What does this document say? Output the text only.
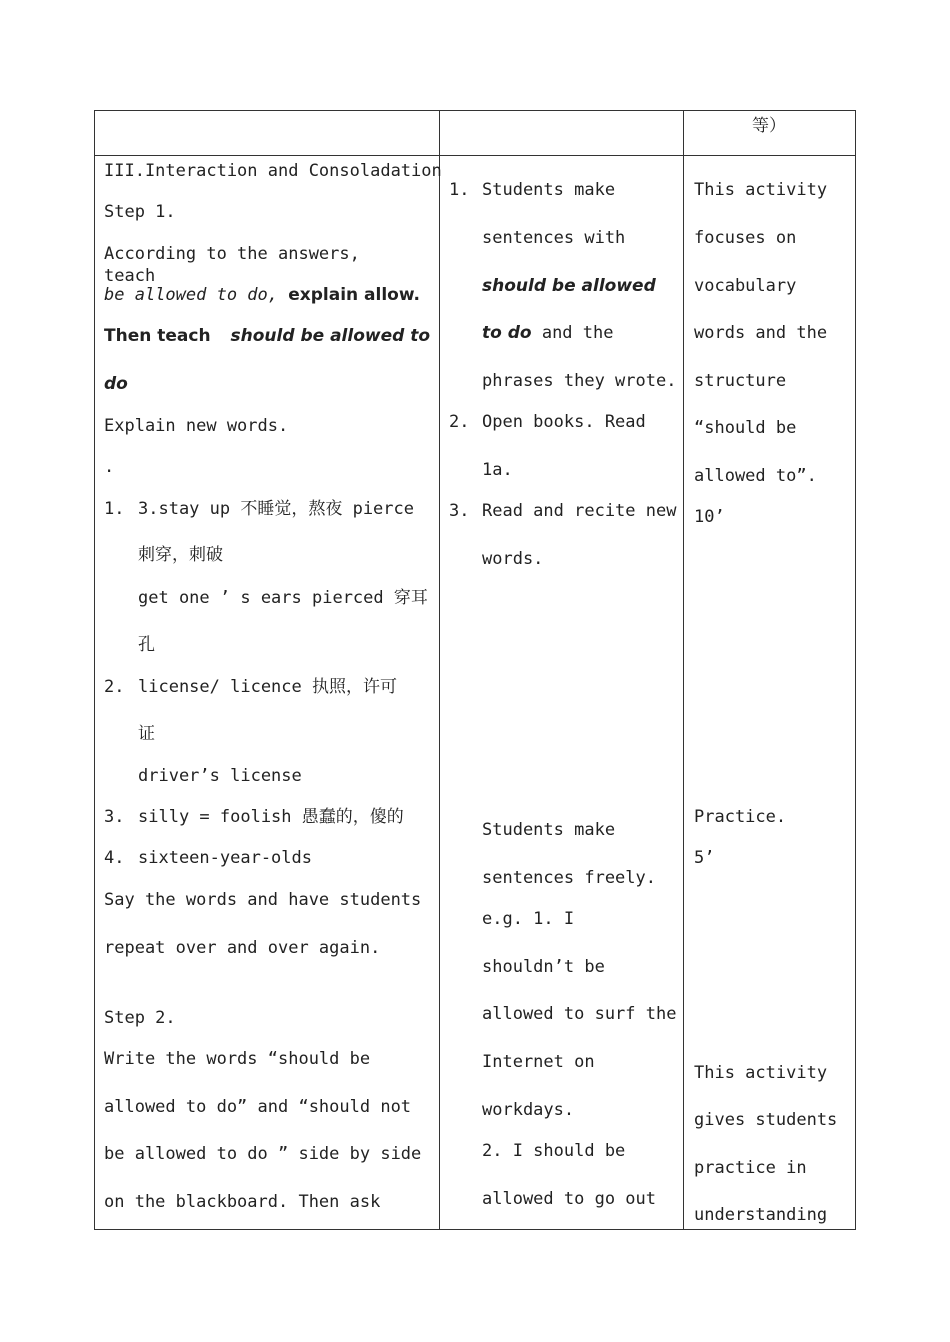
等）
III.Interaction and Consoladation
Step 1.
According to the answers, teach
be allowed to do, explain allow.
Then teach should be allowed to
do
Explain new words.
.
1. 3.stay up 不睡觉，熬夜 pierce
刺穿，刺破
get one ’ s ears pierced 穿耳
孔
2. license/ licence 执照，许可
证
driver’s license
3. silly = foolish 愚蠢的，傻的
4. sixteen-year-olds
Say the words and have students
repeat over and over again.
Step 2.
Write the words “should be
allowed to do” and “should not
be allowed to do ” side by side
on the blackboard. Then ask
1. Students make
sentences with
should be allowed
to do and the
phrases they wrote.
2. Open books. Read
1a.
3. Read and recite new
words.
Students make
sentences freely.
e.g. 1. I
shouldn’t be
allowed to surf the
Internet on
workdays.
2. I should be
allowed to go out
This activity
focuses on
vocabulary
words and the
structure
“should be
allowed to”.
10’
Practice.
5’
This activity
gives students
practice in
understanding
